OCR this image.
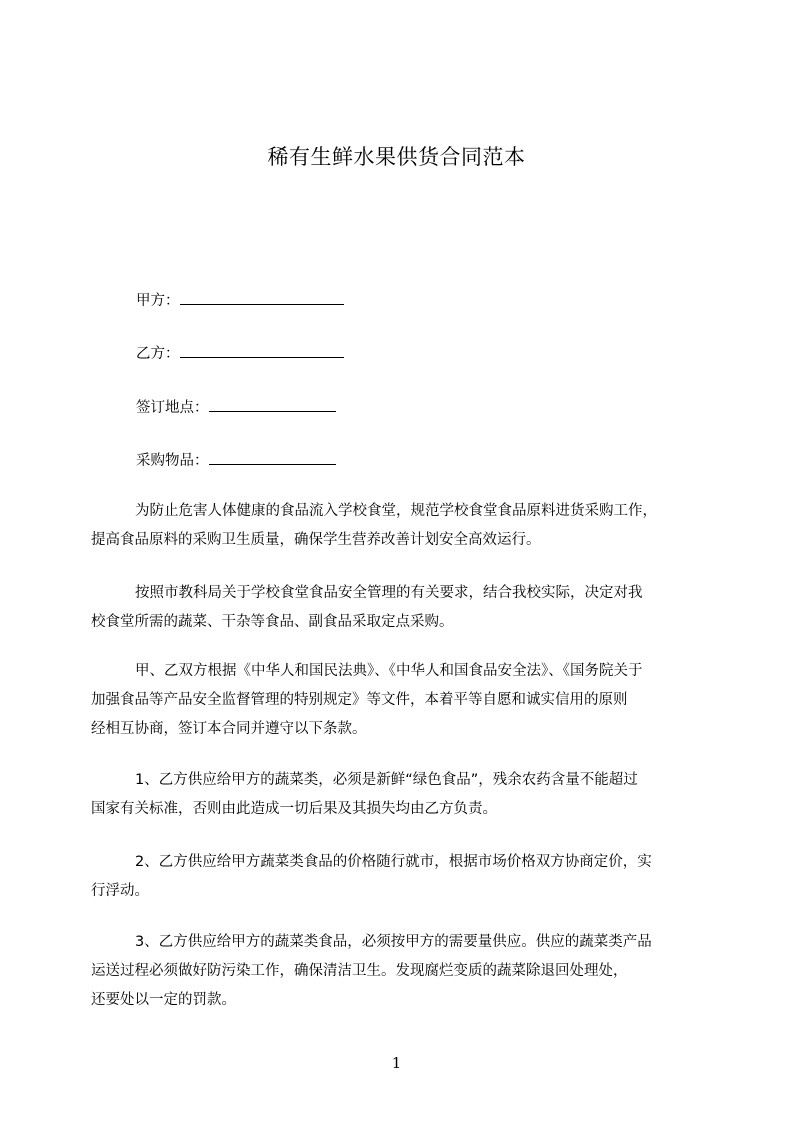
稀有生鲜水果供货合同范本
甲方：
乙方：
签订地点：
采购物品：
为防止危害人体健康的食品流入学校食堂，规范学校食堂食品原料进货采购工作，
提高食品原料的采购卫生质量，确保学生营养改善计划安全高效运行。
按照市教科局关于学校食堂食品安全管理的有关要求，结合我校实际，决定对我
校食堂所需的蔬菜、干杂等食品、副食品采取定点采购。
甲、乙双方根据《中华人和国民法典》、《中华人和国食品安全法》、《国务院关于
加强食品等产品安全监督管理的特别规定》等文件，本着平等自愿和诚实信用的原则
经相互协商，签订本合同并遵守以下条款。
1、乙方供应给甲方的蔬菜类，必须是新鲜“绿色食品”，残余农药含量不能超过
国家有关标准，否则由此造成一切后果及其损失均由乙方负责。
2、乙方供应给甲方蔬菜类食品的价格随行就市，根据市场价格双方协商定价，实
行浮动。
3、乙方供应给甲方的蔬菜类食品，必须按甲方的需要量供应。供应的蔬菜类产品
运送过程必须做好防污染工作，确保清洁卫生。发现腐烂变质的蔬菜除退回处理处，
还要处以一定的罚款。
1
